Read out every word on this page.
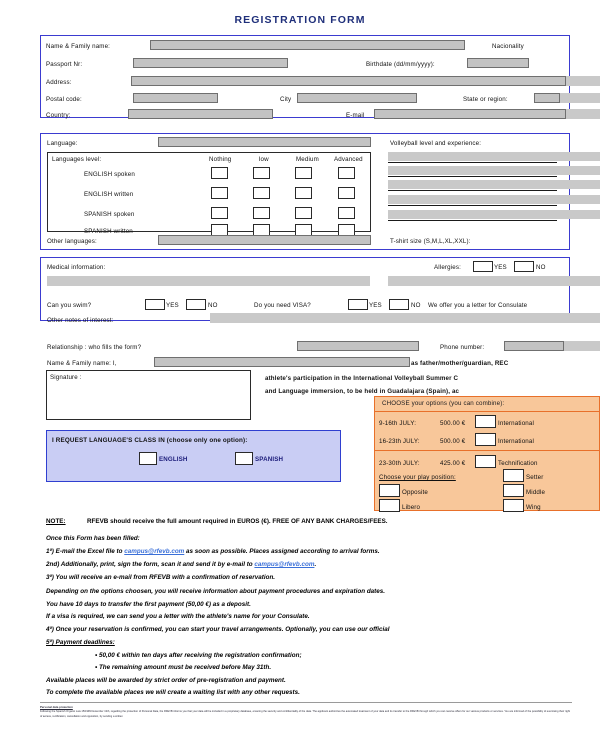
REGISTRATION FORM
Name & Family name:	Nacionality
Passport Nr:	Birthdate (dd/mm/yyyy):
Address:
Postal code:	City	State or region:
Country:	E-mail
Language:	Volleyball level and experience:
Languages level:	Nothing	low	Medium Advanced
ENGLISH spoken
ENGLISH written
SPANISH spoken
SPANISH written
Other languages:	T-shirt size (S,M,L,XL,XXL):
Medical information:	Allergies:	YES	NO
Can you swim?	YES	NO	Do you need VISA?	YES	NO We offer you a letter for Consulate
Other notes of interest:
Relationship : who fills the form?	Phone number:
Name & Family name: I,	as father/mother/guardian, REC
athlete's participation in the International Volleyball Summer C
and Language immersion, to be held in Guadalajara (Spain), ac
Signature :
I REQUEST LANGUAGE'S CLASS IN (choose only one option):
ENGLISH	SPANISH
CHOOSE your options (you can combine):
9-16th JULY:	500.00 €	International
16-23th JULY:	500.00 €	International
23-30th JULY:	425.00 €	Technification
Choose your play position:	Setter
Opposite	Middle
Libero	Wing
NOTE:	RFEVB should receive the full amount required in EUROS (€). FREE OF ANY BANK CHARGES/FEES.
Once this Form has been filled:
1º) E-mail the Excel file to campus@rfevb.com as soon as possible. Places assigned according to arrival forms.
2nd) Additionally, print, sign the form, scan it and send it by e-mail to campus@rfevb.com.
3º) You will receive an e-mail from RFEVB with a confirmation of reservation.
Depending on the options choosen, you will receive information about payment procedures and expiration dates.
You have 10 days to transfer the first payment (50,00 €) as a deposit.
If a visa is required, we can send you a letter with the athlete's name for your Consulate.
4º) Once your reservation is confirmed, you can start your travel arrangements. Optionally, you can use our official
5º) Payment deadlines:
• 50,00 € within ten days after receiving the registration confirmation;
• The remaining amount must be received before May 31th.
Available places will be awarded by strict order of pre-registration and payment.
To complete the available places we will create a waiting list with any other requests.
Personal data protection
Following the Spanish Organic Law 15/1999 December 13th, regarding the protection of Personal Data, the RFEVB informs you that your data will be included in a proprietary database, ensuring the security and confidentiality of the data. The applicant authorizes the automated treatment of your data and its transfer to the RFEVB through which you can receive offers for our various products or services. You are informed of the possibility of exercising their right of access, rectification, cancellation and opposition, by sending a written
